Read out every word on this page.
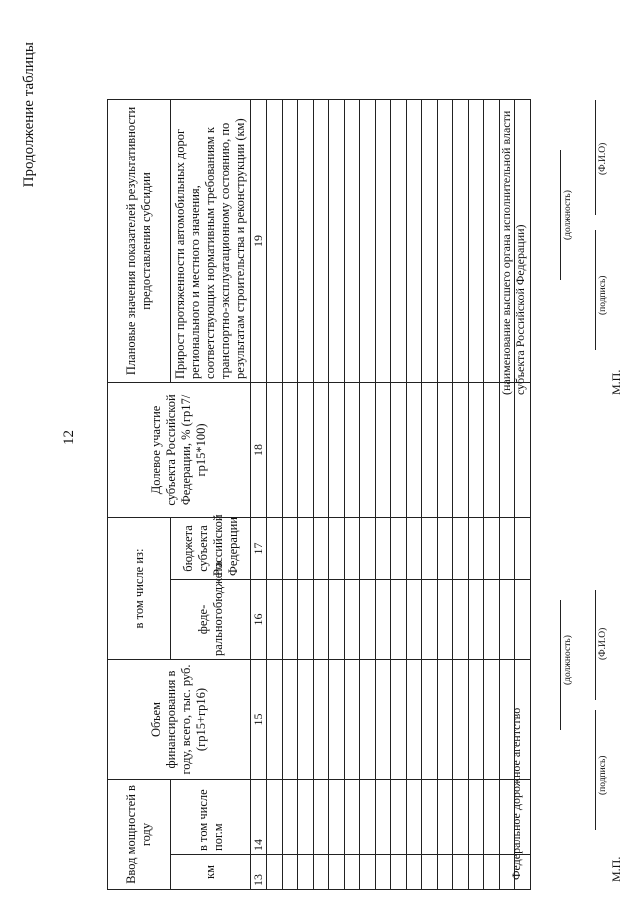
Продолжение таблицы
12
Ввод мощностей в году		Объем финансирования в году, всего, тыс. руб. (гр15+гр16)	в том числе из:		Долевое участие субъекта Российской Федерации, % (гр17/гр15*100)	Плановые значения показателей результативности предоставления субсидии
			феде-ральногобюджета	бюджета субъекта Российской Федерации		
км	в том числе пог.м					Прирост протяженности автомобильных дорог регионального и местного значения, соответствующих нормативным требованиям к транспортно-эксплуатационному состоянию, по результатам строительства и реконструкции (км)
13	14	15	16	17	18	19

Федеральное дорожное агентство
(должность)
(подпись)
(Ф.И.О)
М.П.
(наименование высшего органа исполнительной власти субъекта Российской Федерации)
(должность)
(подпись)
(Ф.И.О)
М.П.
